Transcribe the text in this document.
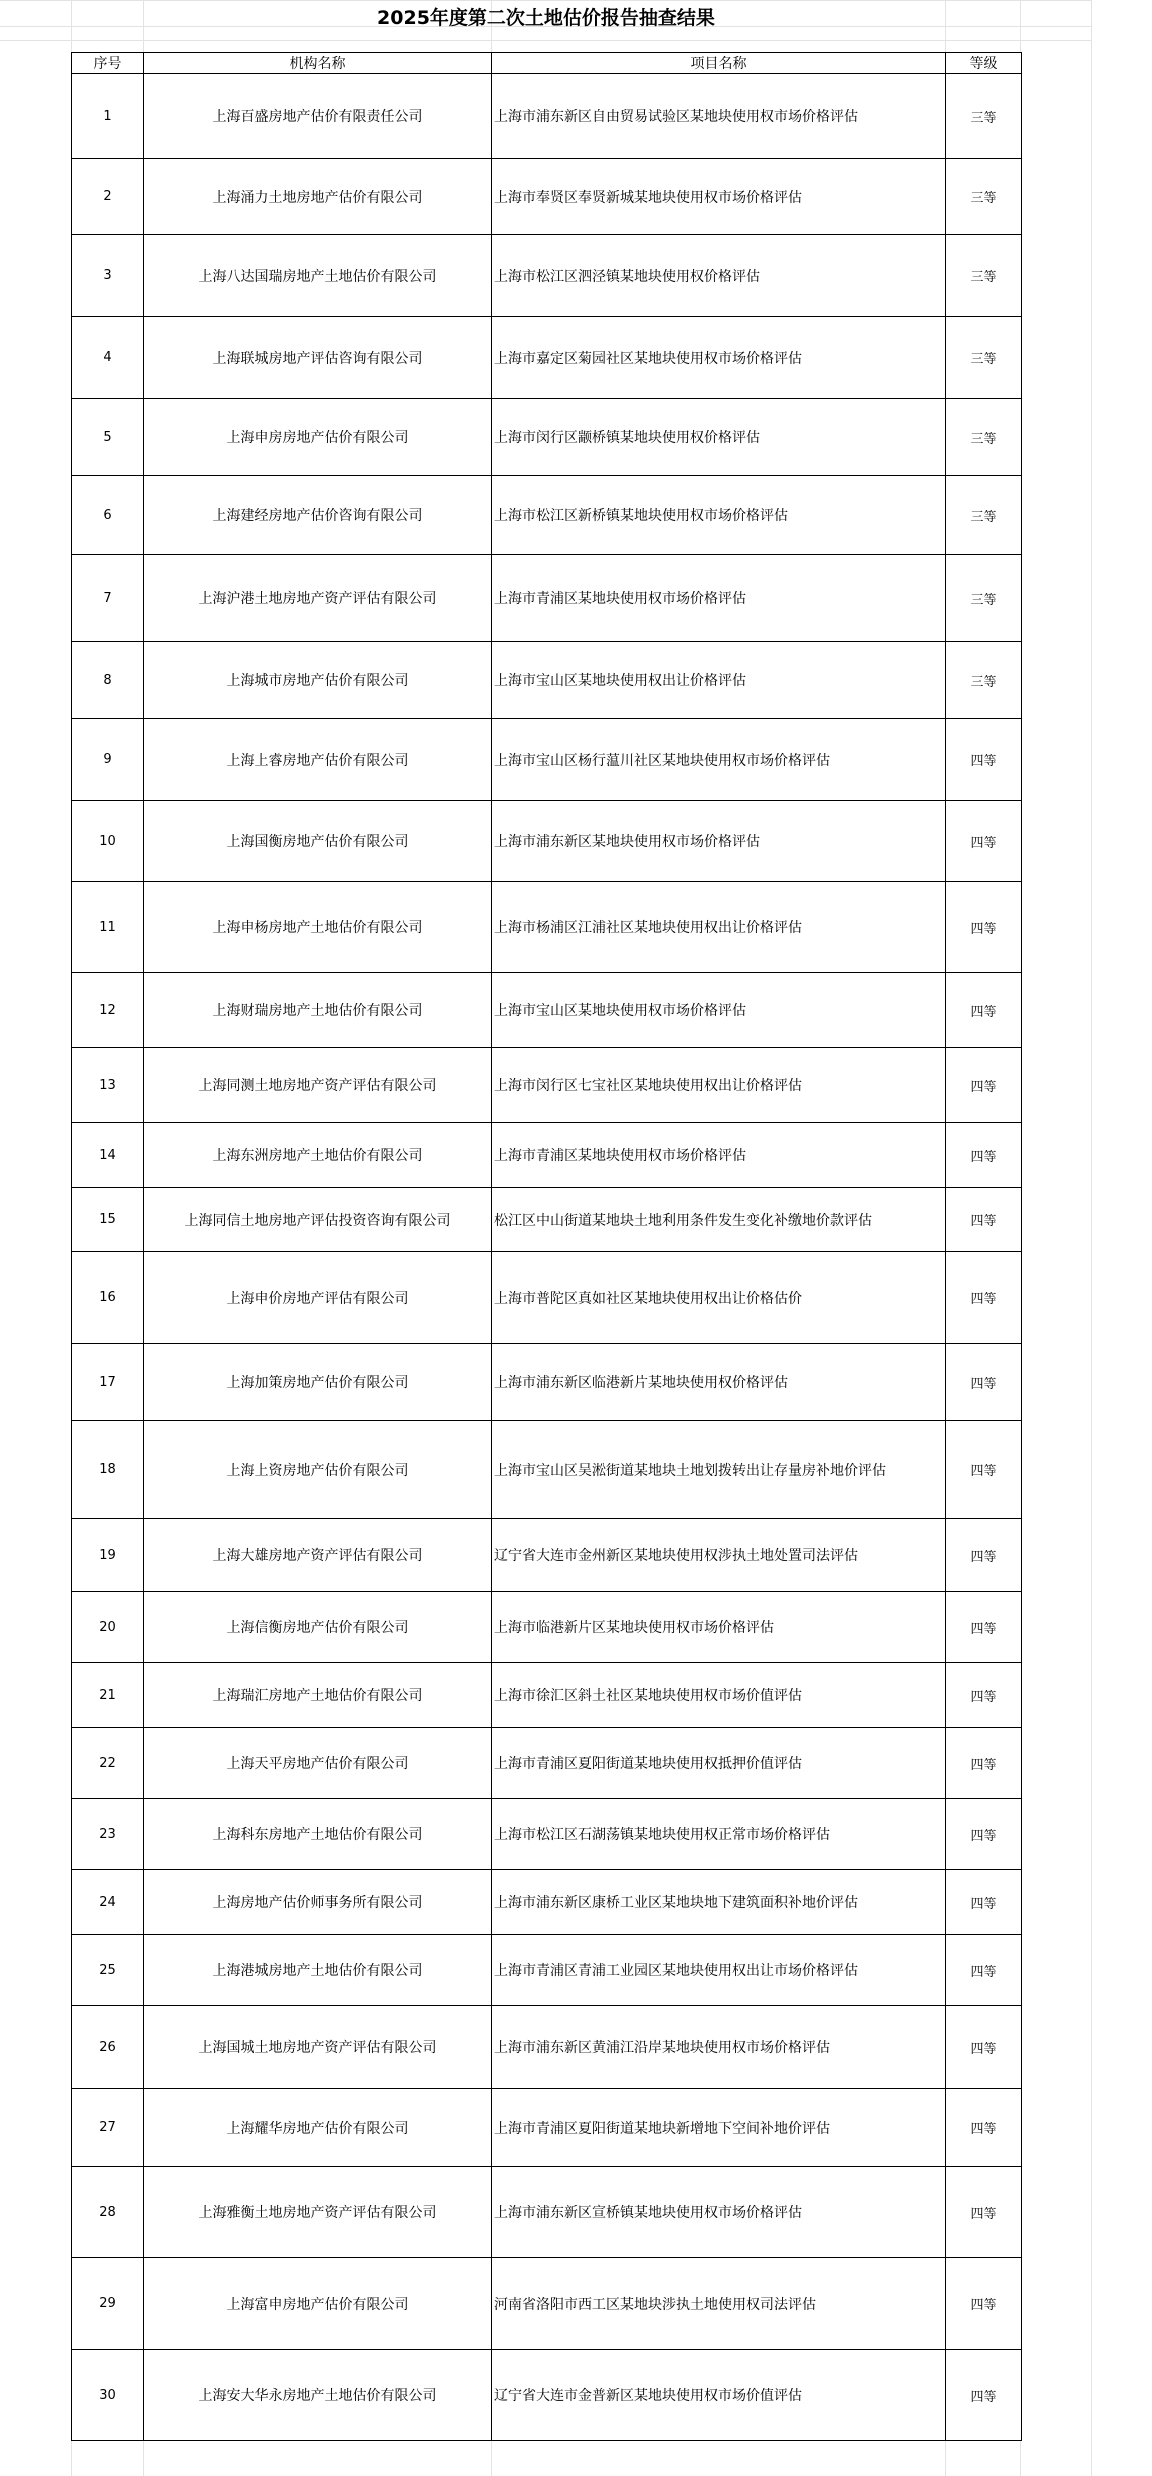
2025年度第二次土地估价报告抽查结果
序号	机构名称	项目名称	等级
1	上海百盛房地产估价有限责任公司	上海市浦东新区自由贸易试验区某地块使用权市场价格评估	三等
2	上海涌力土地房地产估价有限公司	上海市奉贤区奉贤新城某地块使用权市场价格评估	三等
3	上海八达国瑞房地产土地估价有限公司	上海市松江区泗泾镇某地块使用权价格评估	三等
4	上海联城房地产评估咨询有限公司	上海市嘉定区菊园社区某地块使用权市场价格评估	三等
5	上海申房房地产估价有限公司	上海市闵行区颛桥镇某地块使用权价格评估	三等
6	上海建经房地产估价咨询有限公司	上海市松江区新桥镇某地块使用权市场价格评估	三等
7	上海沪港土地房地产资产评估有限公司	上海市青浦区某地块使用权市场价格评估	三等
8	上海城市房地产估价有限公司	上海市宝山区某地块使用权出让价格评估	三等
9	上海上睿房地产估价有限公司	上海市宝山区杨行蕰川社区某地块使用权市场价格评估	四等
10	上海国衡房地产估价有限公司	上海市浦东新区某地块使用权市场价格评估	四等
11	上海申杨房地产土地估价有限公司	上海市杨浦区江浦社区某地块使用权出让价格评估	四等
12	上海财瑞房地产土地估价有限公司	上海市宝山区某地块使用权市场价格评估	四等
13	上海同测土地房地产资产评估有限公司	上海市闵行区七宝社区某地块使用权出让价格评估	四等
14	上海东洲房地产土地估价有限公司	上海市青浦区某地块使用权市场价格评估	四等
15	上海同信土地房地产评估投资咨询有限公司	松江区中山街道某地块土地利用条件发生变化补缴地价款评估	四等
16	上海申价房地产评估有限公司	上海市普陀区真如社区某地块使用权出让价格估价	四等
17	上海加策房地产估价有限公司	上海市浦东新区临港新片某地块使用权价格评估	四等
18	上海上资房地产估价有限公司	上海市宝山区吴淞街道某地块土地划拨转出让存量房补地价评估	四等
19	上海大雄房地产资产评估有限公司	辽宁省大连市金州新区某地块使用权涉执土地处置司法评估	四等
20	上海信衡房地产估价有限公司	上海市临港新片区某地块使用权市场价格评估	四等
21	上海瑞汇房地产土地估价有限公司	上海市徐汇区斜土社区某地块使用权市场价值评估	四等
22	上海天平房地产估价有限公司	上海市青浦区夏阳街道某地块使用权抵押价值评估	四等
23	上海科东房地产土地估价有限公司	上海市松江区石湖荡镇某地块使用权正常市场价格评估	四等
24	上海房地产估价师事务所有限公司	上海市浦东新区康桥工业区某地块地下建筑面积补地价评估	四等
25	上海港城房地产土地估价有限公司	上海市青浦区青浦工业园区某地块使用权出让市场价格评估	四等
26	上海国城土地房地产资产评估有限公司	上海市浦东新区黄浦江沿岸某地块使用权市场价格评估	四等
27	上海耀华房地产估价有限公司	上海市青浦区夏阳街道某地块新增地下空间补地价评估	四等
28	上海雅衡土地房地产资产评估有限公司	上海市浦东新区宣桥镇某地块使用权市场价格评估	四等
29	上海富申房地产估价有限公司	河南省洛阳市西工区某地块涉执土地使用权司法评估	四等
30	上海安大华永房地产土地估价有限公司	辽宁省大连市金普新区某地块使用权市场价值评估	四等
